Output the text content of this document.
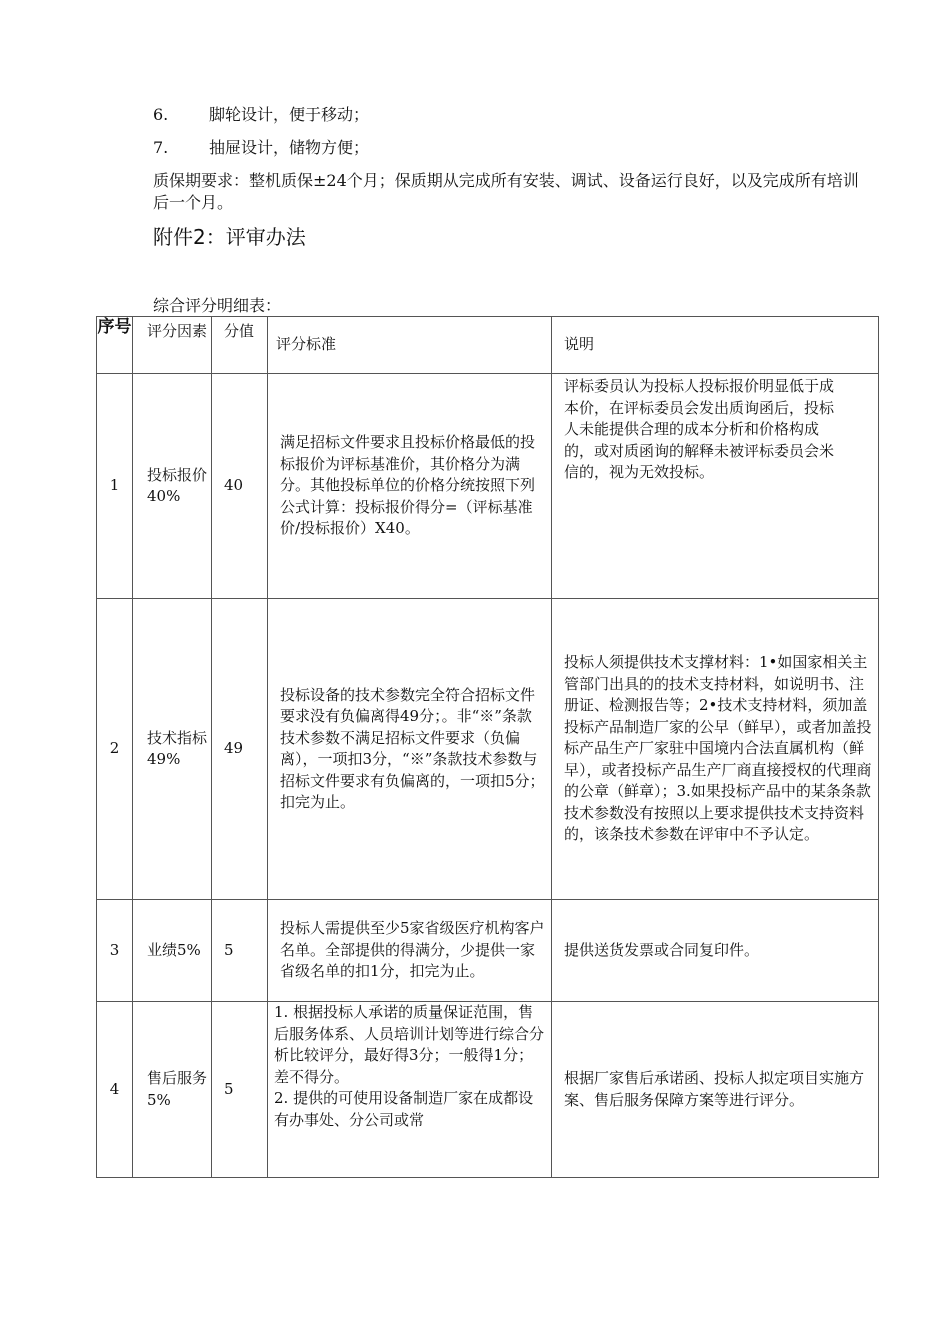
6.	脚轮设计，便于移动；
7.	抽屉设计，储物方便；
质保期要求：整机质保±24个月；保质期从完成所有安装、调试、设备运行良好，以及完成所有培训后一个月。
附件2：评审办法
综合评分明细表：
序号	评分因素	分值	评分标准	说明
1	投标报价40%	40	满足招标文件要求且投标价格最低的投标报价为评标基准价，其价格分为满分。其他投标单位的价格分统按照下列公式计算：投标报价得分=（评标基准价/投标报价）X40。	评标委员认为投标人投标报价明显低于成
本价，在评标委员会发出质询函后，投标
人未能提供合理的成本分析和价格构成
的，或对质函询的解释未被评标委员会米
信的，视为无效投标。
2	技术指标49%	49	投标设备的技术参数完全符合招标文件要求没有负偏离得49分；。非“※”条款技术参数不满足招标文件要求（负偏离），一项扣3分，“※”条款技术参数与招标文件要求有负偏离的，一项扣5分；扣完为止。	投标人须提供技术支撑材料：1•如国家相关主管部门出具的的技术支持材料，如说明书、注册证、检测报告等；2•技术支持材料，须加盖投标产品制造厂家的公早（鲜早），或者加盖投标产品生产厂家驻中国境内合法直属机构（鲜早），或者投标产品生产厂商直接授权的代理商的公章（鲜章）；3.如果投标产品中的某条条款技术参数没有按照以上要求提供技术支持资料的，该条技术参数在评审中不予认定。
3	业绩5%	5	投标人需提供至少5家省级医疗机构客户名单。全部提供的得满分，少提供一家省级名单的扣1分，扣完为止。	提供送货发票或合同复印件。
4	售后服务5%	5	1. 根据投标人承诺的质量保证范围，售后服务体系、人员培训计划等进行综合分析比较评分，最好得3分；一般得1分；差不得分。
2. 提供的可使用设备制造厂家在成都设有办事处、分公司或常	根据厂家售后承诺函、投标人拟定项目实施方案、售后服务保障方案等进行评分。
